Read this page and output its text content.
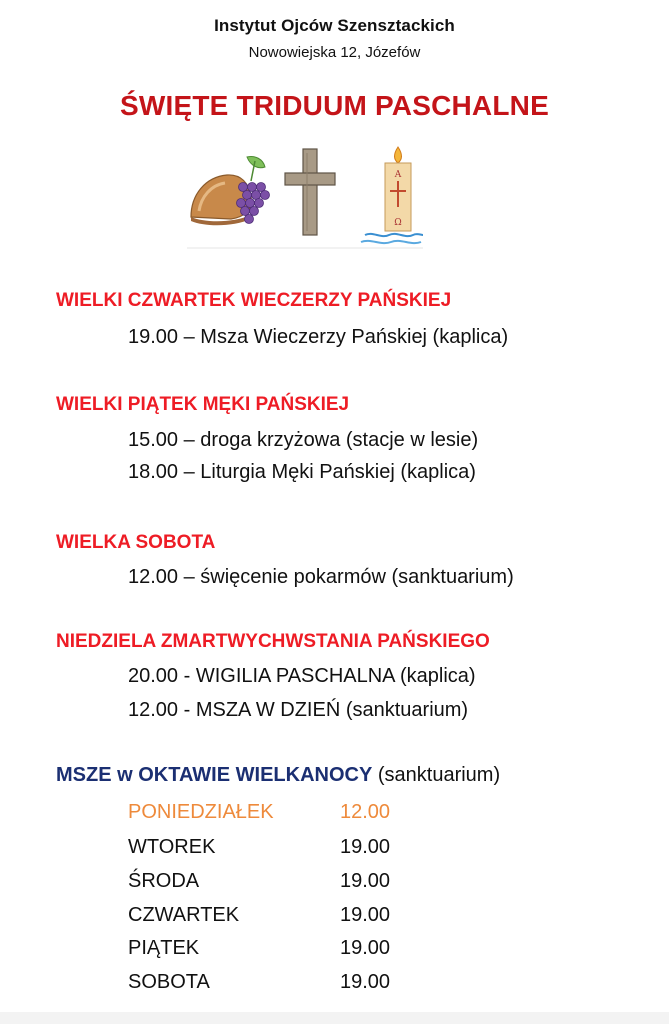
Instytut Ojców Szensztackich
Nowowiejska 12, Józefów
ŚWIĘTE TRIDUUM PASCHALNE
A
Ω
WIELKI CZWARTEK WIECZERZY PAŃSKIEJ
19.00 – Msza Wieczerzy Pańskiej (kaplica)
WIELKI PIĄTEK MĘKI PAŃSKIEJ
15.00 – droga krzyżowa (stacje w lesie)
18.00 – Liturgia Męki Pańskiej (kaplica)
WIELKA SOBOTA
12.00 – święcenie pokarmów (sanktuarium)
NIEDZIELA ZMARTWYCHWSTANIA PAŃSKIEGO
20.00 - WIGILIA PASCHALNA (kaplica)
12.00 - MSZA W DZIEŃ (sanktuarium)
MSZE w OKTAWIE WIELKANOCY (sanktuarium)
PONIEDZIAŁEK	12.00
WTOREK	19.00
ŚRODA	19.00
CZWARTEK	19.00
PIĄTEK	19.00
SOBOTA	19.00
